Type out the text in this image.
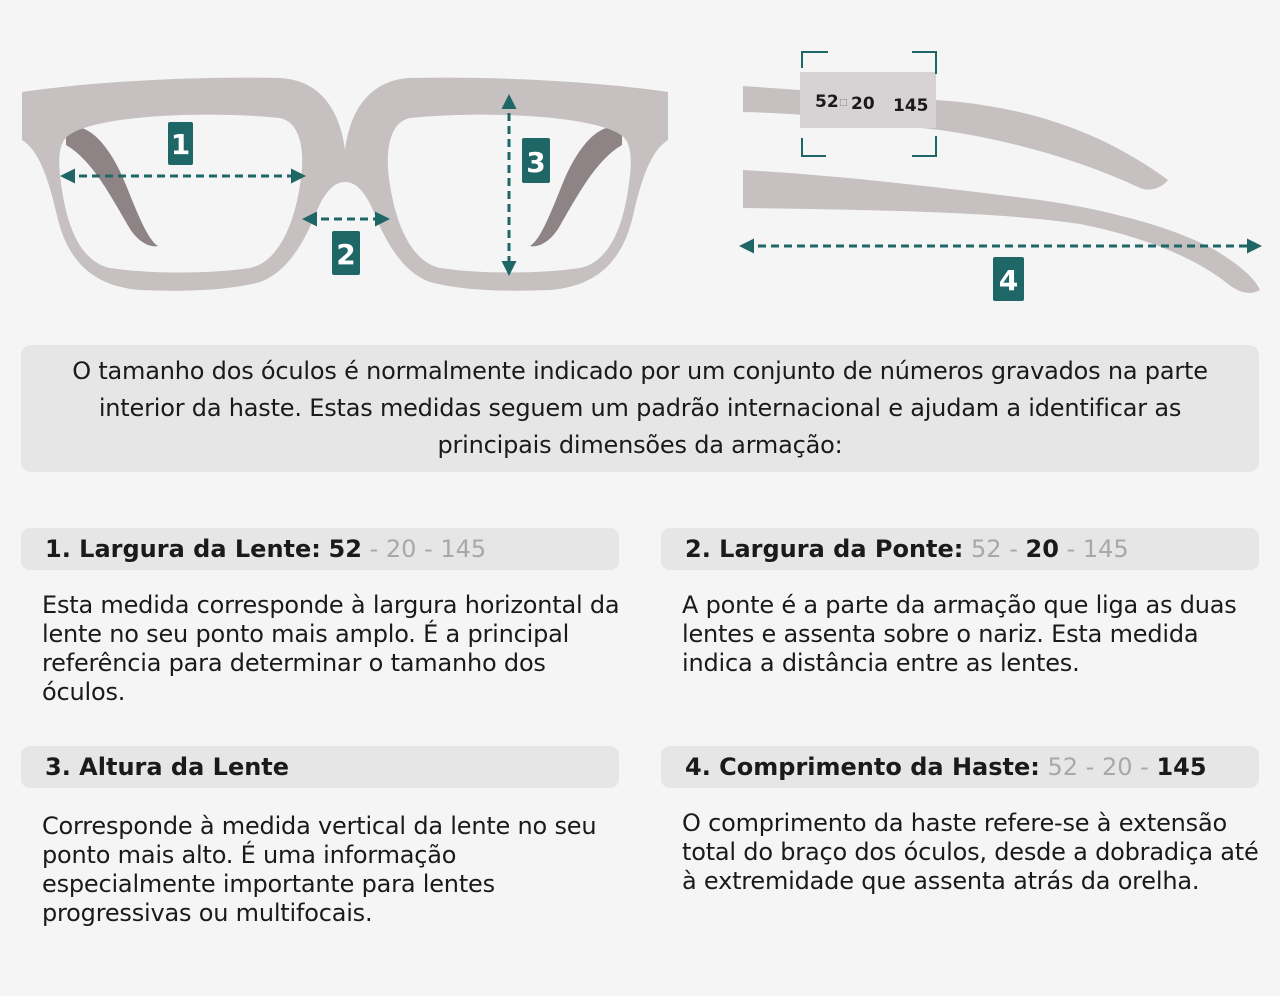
1
2
3
52 □ 20 145
4
O tamanho dos óculos é normalmente indicado por um conjunto de números gravados na parte interior da haste. Estas medidas seguem um padrão internacional e ajudam a identificar as principais dimensões da armação:
1. Largura da Lente: 52 - 20 - 145
Esta medida corresponde à largura horizontal da lente no seu ponto mais amplo. É a principal referência para determinar o tamanho dos óculos.
2. Largura da Ponte: 52 - 20 - 145
A ponte é a parte da armação que liga as duas lentes e assenta sobre o nariz. Esta medida indica a distância entre as lentes.
3. Altura da Lente
Corresponde à medida vertical da lente no seu ponto mais alto. É uma informação especialmente importante para lentes progressivas ou multifocais.
4. Comprimento da Haste: 52 - 20 - 145
O comprimento da haste refere-se à extensão total do braço dos óculos, desde a dobradiça até à extremidade que assenta atrás da orelha.
